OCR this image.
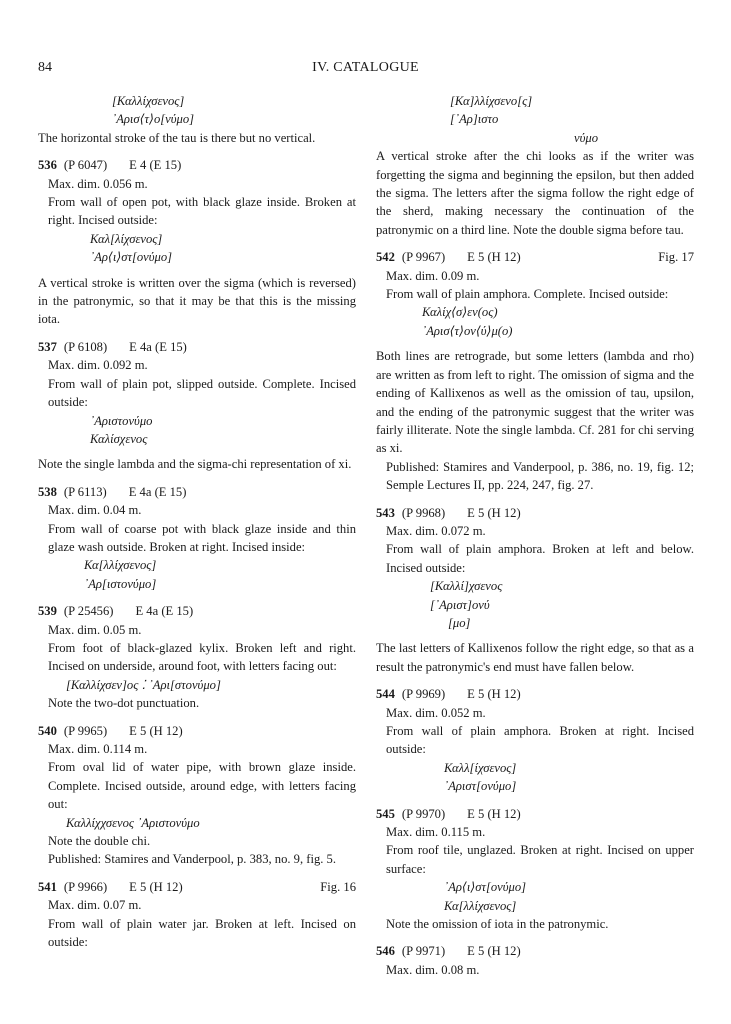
84	IV. CATALOGUE
[Καλλίχσενος]
᾽Αρισ⟨τ⟩ο[νύμο]

The horizontal stroke of the tau is there but no vertical.

536 (P 6047) E 4 (E 15)

Max. dim. 0.056 m.

From wall of open pot, with black glaze inside. Broken at right. Incised outside:

Καλ[λίχσενος]
᾽Αρ⟨ι⟩στ[ονύμο]

A vertical stroke is written over the sigma (which is reversed) in the patronymic, so that it may be that this is the missing iota.

537 (P 6108) E 4a (E 15)

Max. dim. 0.092 m.

From wall of plain pot, slipped outside. Complete. Incised outside:

᾽Αριστονύμο
Καλίσχενος

Note the single lambda and the sigma-chi representation of xi.

538 (P 6113) E 4a (E 15)

Max. dim. 0.04 m.

From wall of coarse pot with black glaze inside and thin glaze wash outside. Broken at right. Incised inside:

Κα[λλίχσενος]
᾽Αρ[ιστονύμο]
539 (P 25456) E 4a (E 15)

Max. dim. 0.05 m.

From foot of black-glazed kylix. Broken left and right. Incised on underside, around foot, with letters facing out:

[Καλλίχσεν]ος ⁚ ᾽Αρι[στονύμο]

Note the two-dot punctuation.

540 (P 9965) E 5 (H 12)

Max. dim. 0.114 m.

From oval lid of water pipe, with brown glaze inside. Complete. Incised outside, around edge, with letters facing out:

Καλλίχχσενος ᾽Αριστονύμο

Note the double chi.

Published: Stamires and Vanderpool, p. 383, no. 9, fig. 5.

541 (P 9966) E 5 (H 12)	Fig. 16

Max. dim. 0.07 m.

From wall of plain water jar. Broken at left. Incised on outside:

[Κα]λλίχσενο[ς]
[᾽Αρ]ιστο
νύμο

A vertical stroke after the chi looks as if the writer was forgetting the sigma and beginning the epsilon, but then added the sigma. The letters after the sigma follow the right edge of the sherd, making necessary the continuation of the patronymic on a third line. Note the double sigma before tau.

542 (P 9967) E 5 (H 12)	Fig. 17

Max. dim. 0.09 m.

From wall of plain amphora. Complete. Incised outside:

Καλίχ⟨σ⟩εν(ος)
᾽Αρισ⟨τ⟩ον⟨ύ⟩μ(ο)

Both lines are retrograde, but some letters (lambda and rho) are written as from left to right. The omission of sigma and the ending of Kallixenos as well as the omission of tau, upsilon, and the ending of the patronymic suggest that the writer was fairly illiterate. Note the single lambda. Cf. 281 for chi serving as xi.

Published: Stamires and Vanderpool, p. 386, no. 19, fig. 12; Semple Lectures II, pp. 224, 247, fig. 27.

543 (P 9968) E 5 (H 12)

Max. dim. 0.072 m.

From wall of plain amphora. Broken at left and below. Incised outside:

[Καλλί]χσενος
[᾽Αριστ]ονύ
[μο]

The last letters of Kallixenos follow the right edge, so that as a result the patronymic's end must have fallen below.

544 (P 9969) E 5 (H 12)

Max. dim. 0.052 m.

From wall of plain amphora. Broken at right. Incised outside:

Καλλ[ίχσενος]
᾽Αριστ[ονύμο]
545 (P 9970) E 5 (H 12)

Max. dim. 0.115 m.

From roof tile, unglazed. Broken at right. Incised on upper surface:

᾽Αρ⟨ι⟩στ[ονύμο]
Κα[λλίχσενος]

Note the omission of iota in the patronymic.

546 (P 9971) E 5 (H 12)

Max. dim. 0.08 m.
